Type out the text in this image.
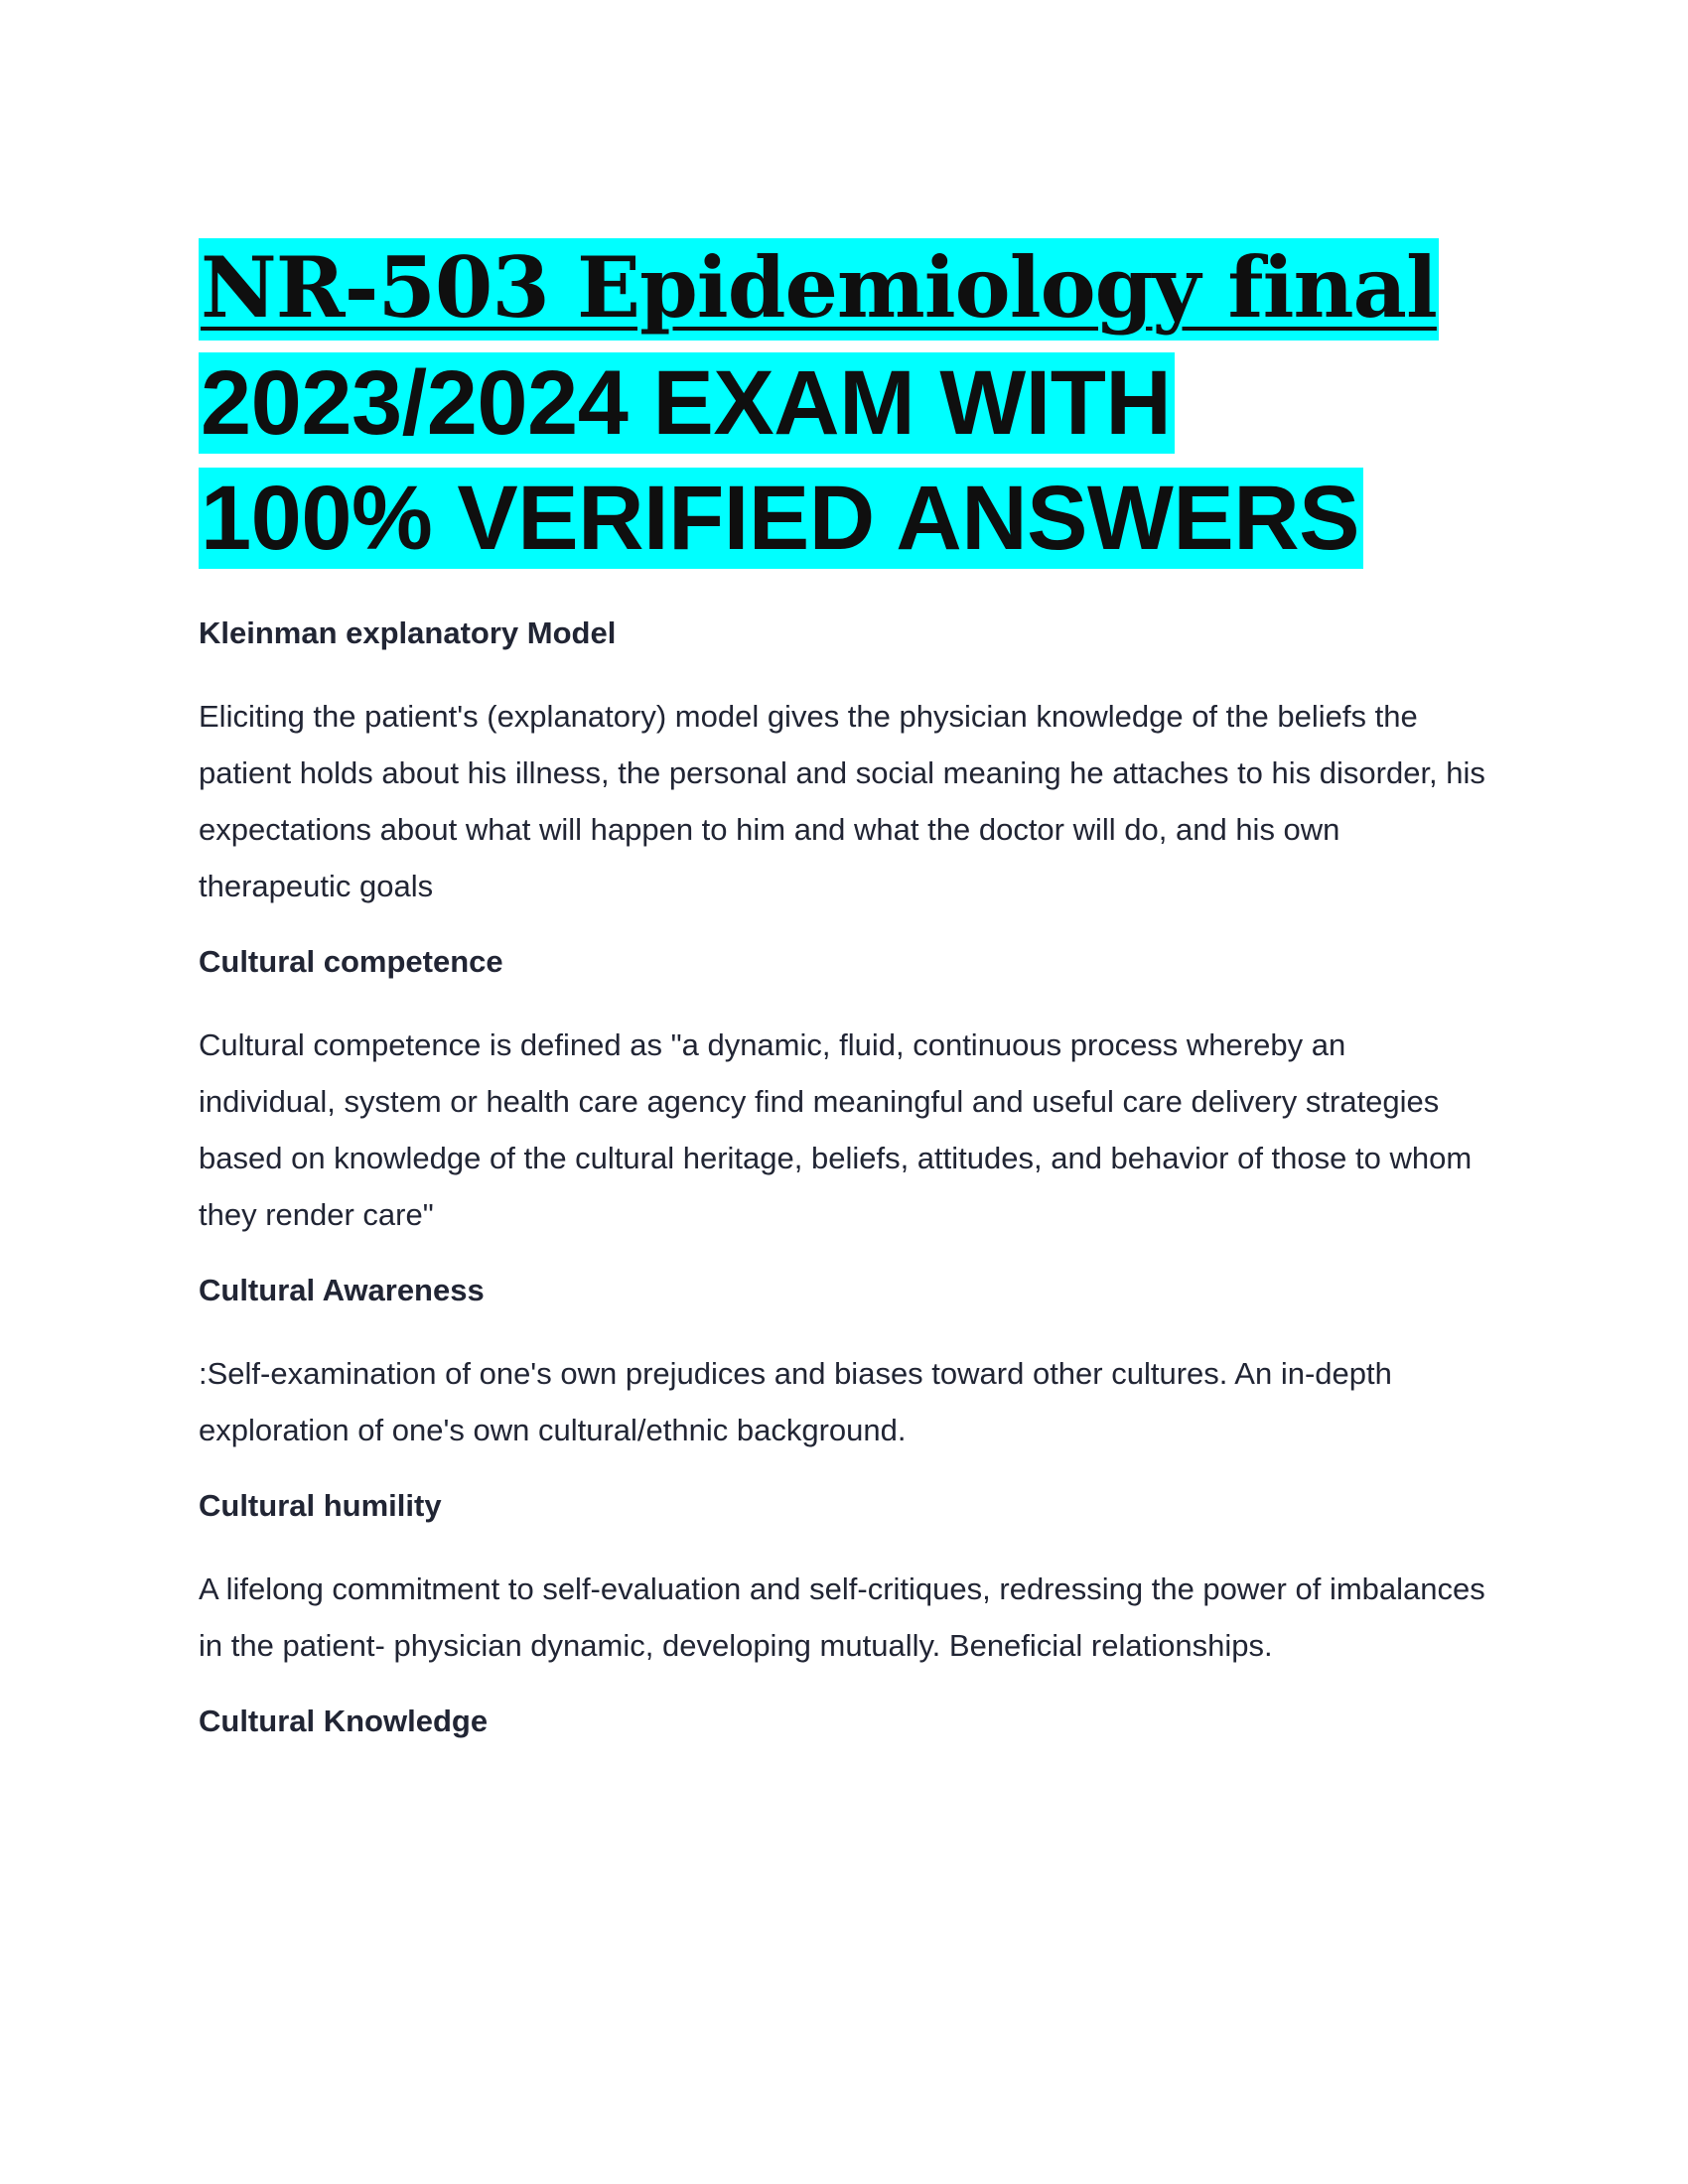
NR-503 Epidemiology final
2023/2024 EXAM WITH
100% VERIFIED ANSWERS

Kleinman explanatory Model

Eliciting the patient's (explanatory) model gives the physician knowledge of the beliefs the patient holds about his illness, the personal and social meaning he attaches to his disorder, his expectations about what will happen to him and what the doctor will do, and his own therapeutic goals

Cultural competence

Cultural competence is defined as "a dynamic, fluid, continuous process whereby an individual, system or health care agency find meaningful and useful care delivery strategies based on knowledge of the cultural heritage, beliefs, attitudes, and behavior of those to whom they render care"

Cultural Awareness

:Self-examination of one's own prejudices and biases toward other cultures. An in-depth exploration of one's own cultural/ethnic background.

Cultural humility

A lifelong commitment to self-evaluation and self-critiques, redressing the power of imbalances in the patient- physician dynamic, developing mutually. Beneficial relationships.

Cultural Knowledge
